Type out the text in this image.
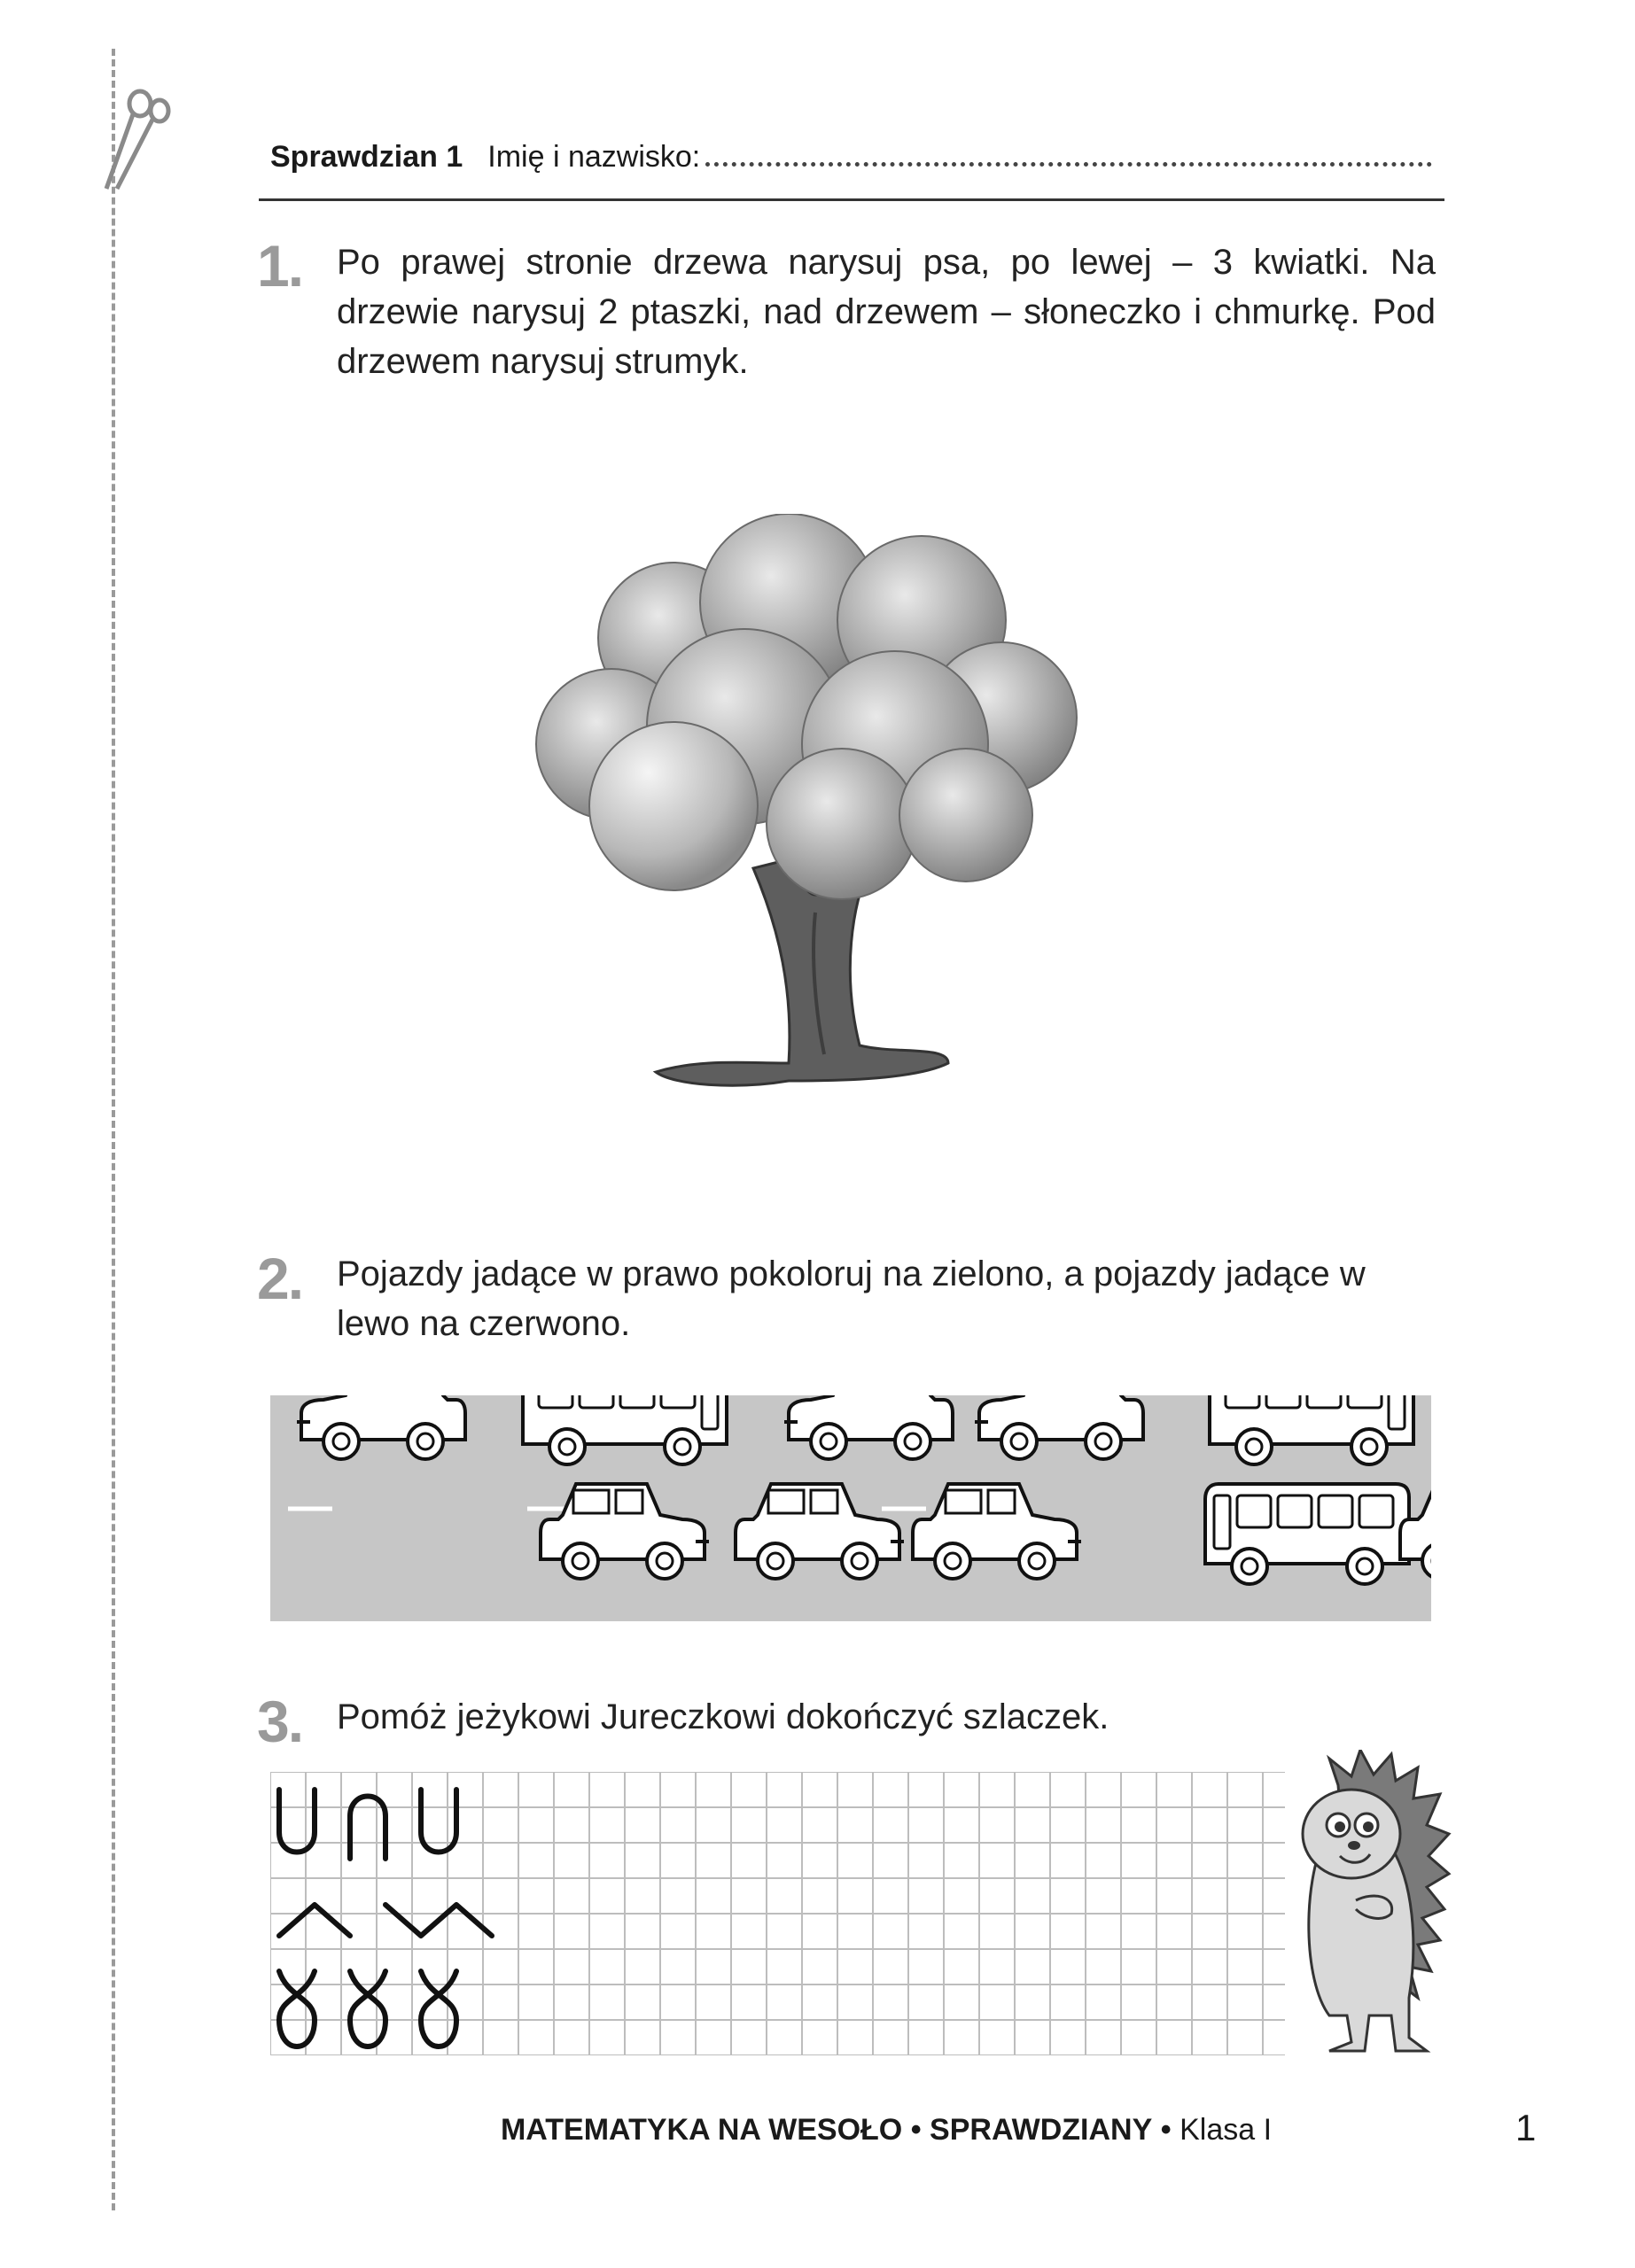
Sprawdzian 1 Imię i nazwisko:
1. Po prawej stronie drzewa narysuj psa, po lewej – 3 kwiatki. Na drzewie narysuj 2 ptaszki, nad drzewem – słoneczko i chmurkę. Pod drzewem narysuj strumyk.
2. Pojazdy jadące w prawo pokoloruj na zielono, a pojazdy jadące w lewo na czerwono.
3. Pomóż jeżykowi Jureczkowi dokończyć szlaczek.
MATEMATYKA NA WESOŁO • SPRAWDZIANY • Klasa I	1
